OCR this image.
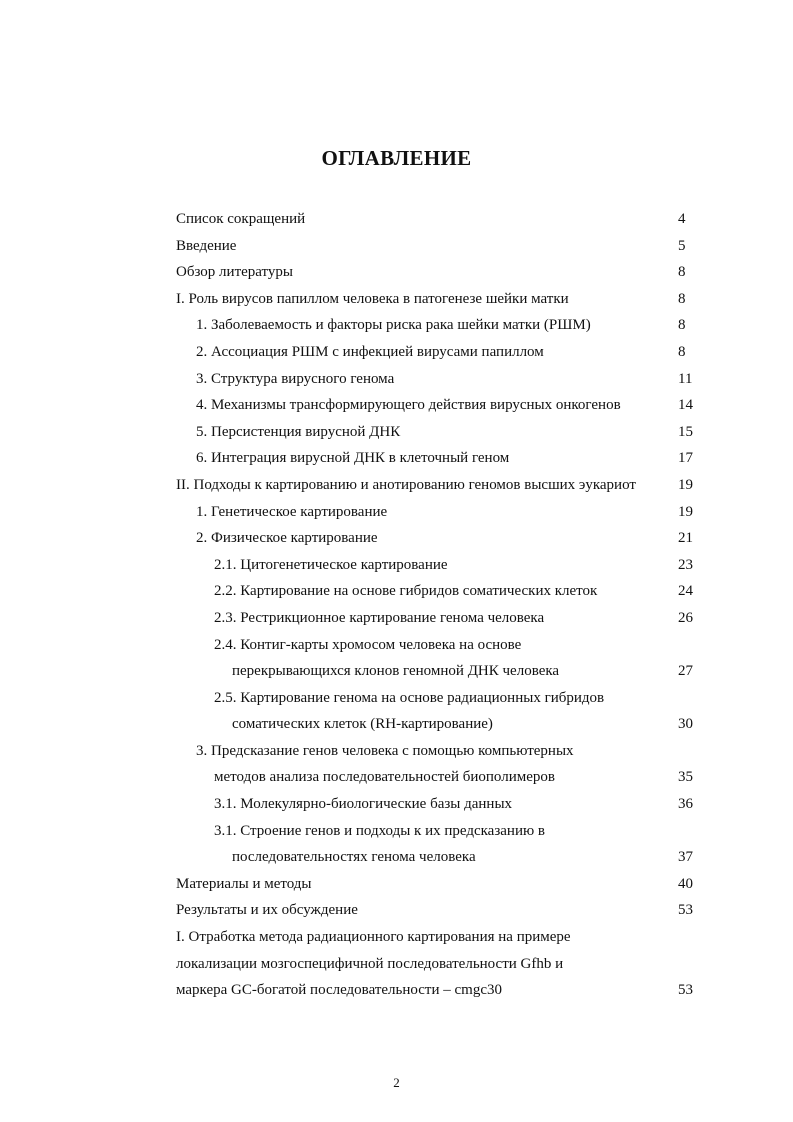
ОГЛАВЛЕНИЕ
Список сокращений	4
Введение	5
Обзор литературы	8
I. Роль вирусов папиллом человека в патогенезе шейки матки	8
1. Заболеваемость и факторы риска рака шейки матки (РШМ)	8
2. Ассоциация РШМ с инфекцией вирусами папиллом	8
3. Структура вирусного генома	11
4. Механизмы трансформирующего действия вирусных онкогенов	14
5. Персистенция вирусной ДНК	15
6. Интеграция вирусной ДНК в клеточный геном	17
II. Подходы к картированию и анотированию геномов высших эукариот	19
1. Генетическое картирование	19
2. Физическое картирование	21
2.1. Цитогенетическое картирование	23
2.2. Картирование на основе гибридов соматических клеток	24
2.3. Рестрикционное картирование генома человека	26
2.4. Контиг-карты хромосом человека на основе
перекрывающихся клонов геномной ДНК человека	27
2.5. Картирование генома на основе радиационных гибридов
соматических клеток (RH-картирование)	30
3. Предсказание генов человека с помощью компьютерных
методов анализа последовательностей биополимеров	35
3.1. Молекулярно-биологические базы данных	36
3.1. Строение генов и подходы к их предсказанию в
последовательностях генома человека	37
Материалы и методы	40
Результаты и их обсуждение	53
I. Отработка метода радиационного картирования на примере
локализации мозгоспецифичной последовательности Gfhb и
маркера GC-богатой последовательности – cmgc30	53
2
